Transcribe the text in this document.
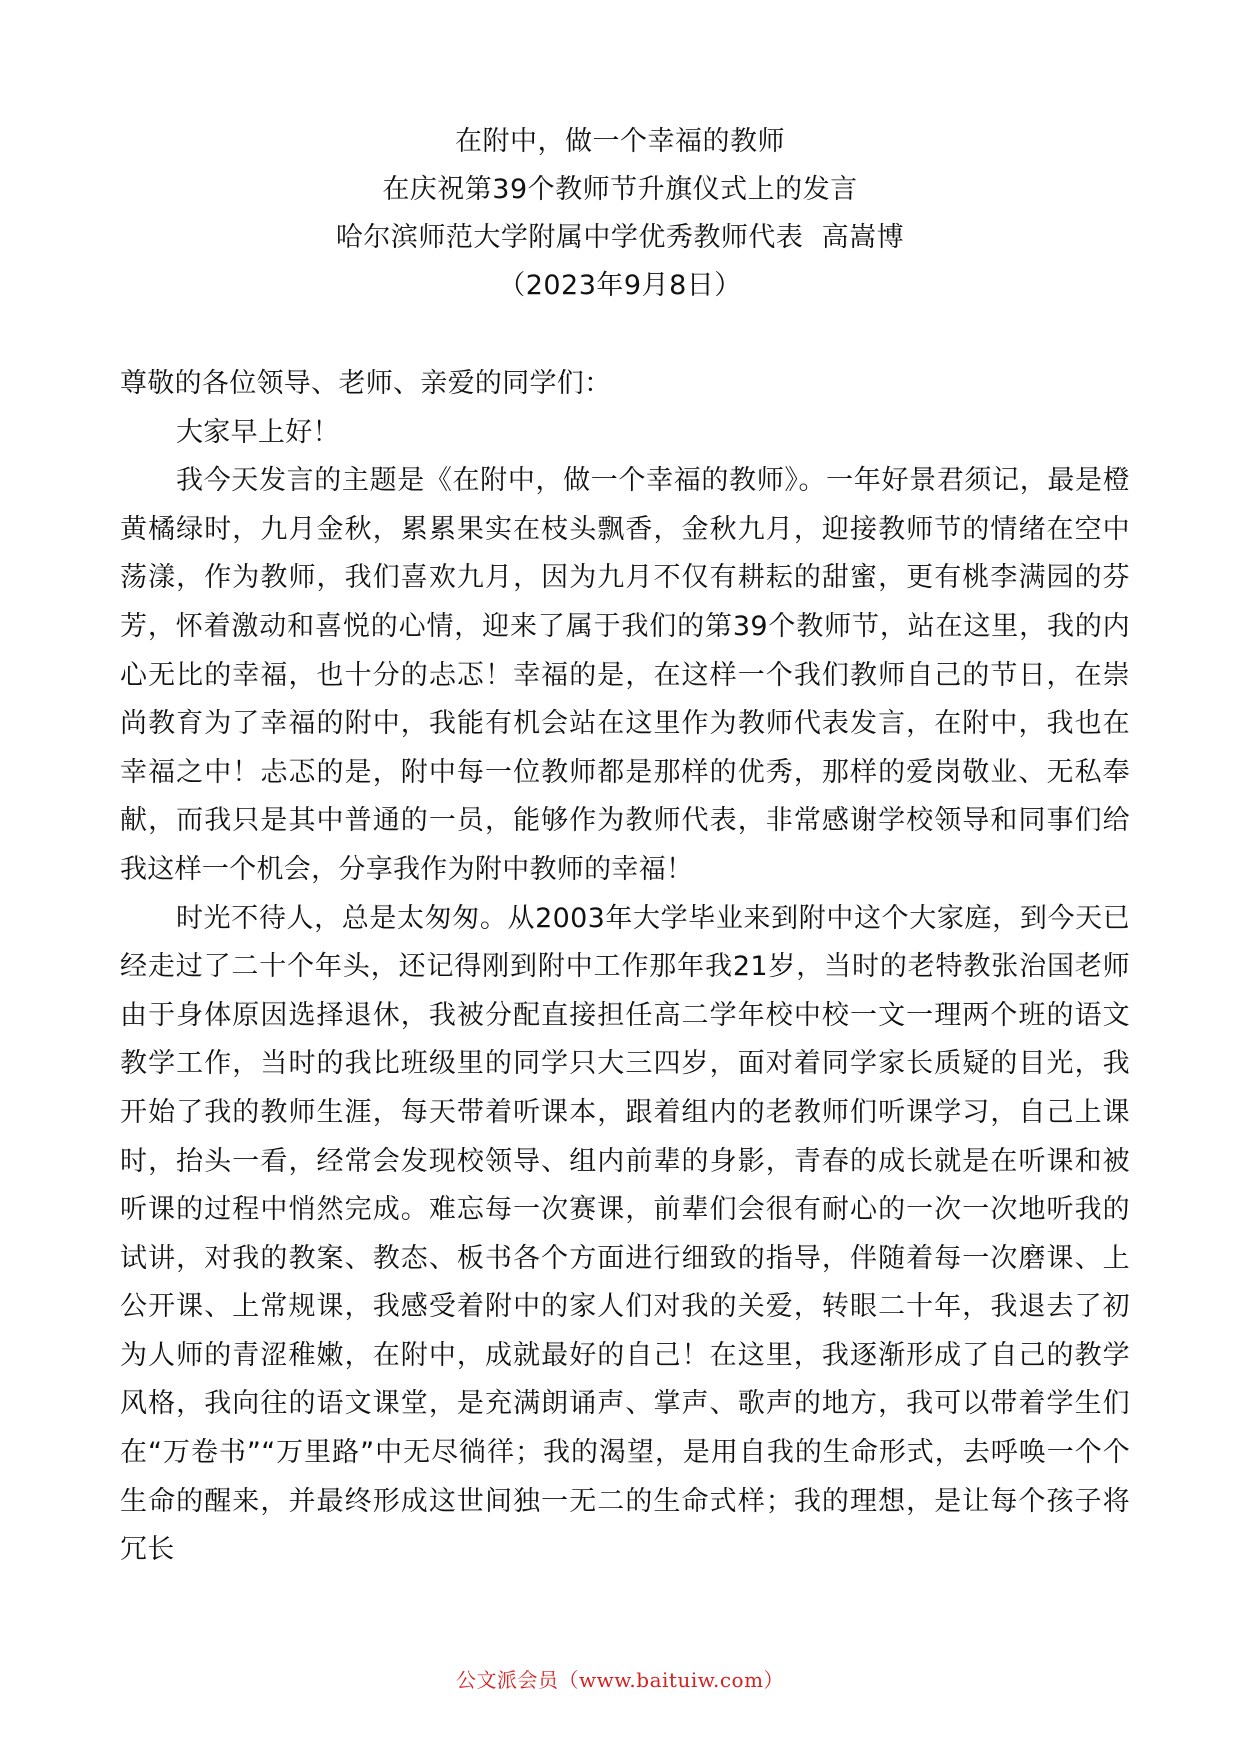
在附中，做一个幸福的教师
在庆祝第39个教师节升旗仪式上的发言
哈尔滨师范大学附属中学优秀教师代表  高嵩博
（2023年9月8日）

尊敬的各位领导、老师、亲爱的同学们：

大家早上好！

我今天发言的主题是《在附中，做一个幸福的教师》。一年好景君须记，最是橙黄橘绿时，九月金秋，累累果实在枝头飘香，金秋九月，迎接教师节的情绪在空中荡漾，作为教师，我们喜欢九月，因为九月不仅有耕耘的甜蜜，更有桃李满园的芬芳，怀着激动和喜悦的心情，迎来了属于我们的第39个教师节，站在这里，我的内心无比的幸福，也十分的忐忑！幸福的是，在这样一个我们教师自己的节日，在崇尚教育为了幸福的附中，我能有机会站在这里作为教师代表发言，在附中，我也在幸福之中！忐忑的是，附中每一位教师都是那样的优秀，那样的爱岗敬业、无私奉献，而我只是其中普通的一员，能够作为教师代表，非常感谢学校领导和同事们给我这样一个机会，分享我作为附中教师的幸福！

时光不待人，总是太匆匆。从2003年大学毕业来到附中这个大家庭，到今天已经走过了二十个年头，还记得刚到附中工作那年我21岁，当时的老特教张治国老师由于身体原因选择退休，我被分配直接担任高二学年校中校一文一理两个班的语文教学工作，当时的我比班级里的同学只大三四岁，面对着同学家长质疑的目光，我开始了我的教师生涯，每天带着听课本，跟着组内的老教师们听课学习，自己上课时，抬头一看，经常会发现校领导、组内前辈的身影，青春的成长就是在听课和被听课的过程中悄然完成。难忘每一次赛课，前辈们会很有耐心的一次一次地听我的试讲，对我的教案、教态、板书各个方面进行细致的指导，伴随着每一次磨课、上公开课、上常规课，我感受着附中的家人们对我的关爱，转眼二十年，我退去了初为人师的青涩稚嫩，在附中，成就最好的自己！在这里，我逐渐形成了自己的教学风格，我向往的语文课堂，是充满朗诵声、掌声、歌声的地方，我可以带着学生们在“万卷书”“万里路”中无尽徜徉；我的渴望，是用自我的生命形式，去呼唤一个个生命的醒来，并最终形成这世间独一无二的生命式样；我的理想，是让每个孩子将冗长

公文派会员（www.baituiw.com）
